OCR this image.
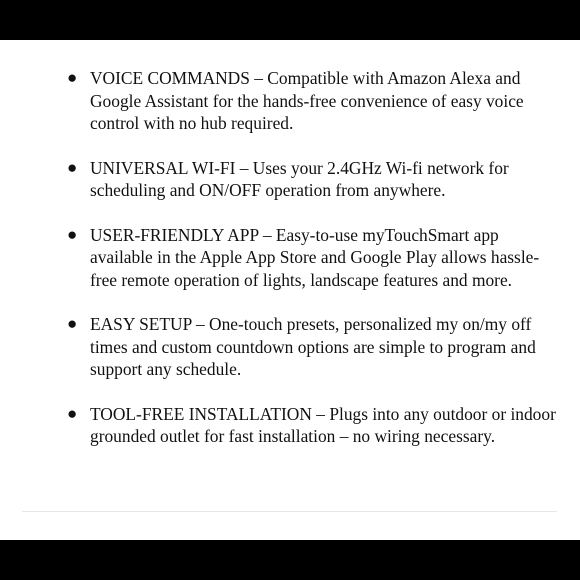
● VOICE COMMANDS – Compatible with Amazon Alexa and Google Assistant for the hands-free convenience of easy voice control with no hub required.
● UNIVERSAL WI-FI – Uses your 2.4GHz Wi-fi network for scheduling and ON/OFF operation from anywhere.
● USER-FRIENDLY APP – Easy-to-use myTouchSmart app available in the Apple App Store and Google Play allows hassle-free remote operation of lights, landscape features and more.
● EASY SETUP – One-touch presets, personalized my on/my off times and custom countdown options are simple to program and support any schedule.
● TOOL-FREE INSTALLATION – Plugs into any outdoor or indoor grounded outlet for fast installation – no wiring necessary.
